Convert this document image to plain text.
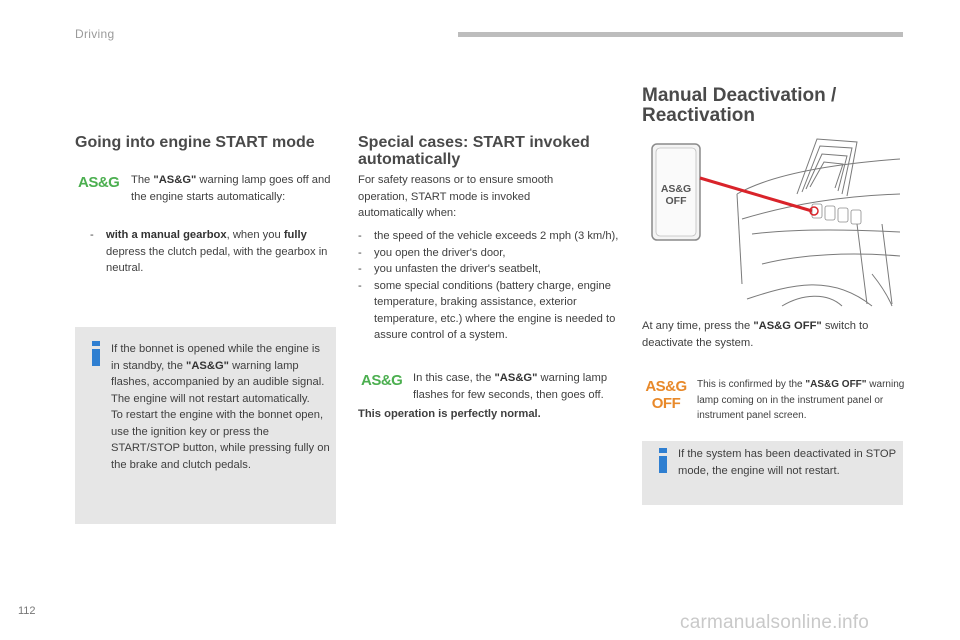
Driving
Going into engine START mode
AS&G The "AS&G" warning lamp goes off and the engine starts automatically:
- with a manual gearbox, when you fully depress the clutch pedal, with the gearbox in neutral.
If the bonnet is opened while the engine is in standby, the "AS&G" warning lamp flashes, accompanied by an audible signal. The engine will not restart automatically.
To restart the engine with the bonnet open, use the ignition key or press the START/STOP button, while pressing fully on the brake and clutch pedals.
Special cases: START invoked automatically
For safety reasons or to ensure smooth operation, START mode is invoked automatically when:
- the speed of the vehicle exceeds 2 mph (3 km/h),
- you open the driver's door,
- you unfasten the driver's seatbelt,
- some special conditions (battery charge, engine temperature, braking assistance, exterior temperature, etc.) where the engine is needed to assure control of a system.
AS&G In this case, the "AS&G" warning lamp flashes for few seconds, then goes off.
This operation is perfectly normal.
Manual Deactivation /
Reactivation
AS&G
OFF
At any time, press the "AS&G OFF" switch to deactivate the system.
AS&G
OFF
This is confirmed by the "AS&G OFF" warning lamp coming on in the instrument panel or instrument panel screen.
If the system has been deactivated in STOP mode, the engine will not restart.
112
carmanualsonline.info
